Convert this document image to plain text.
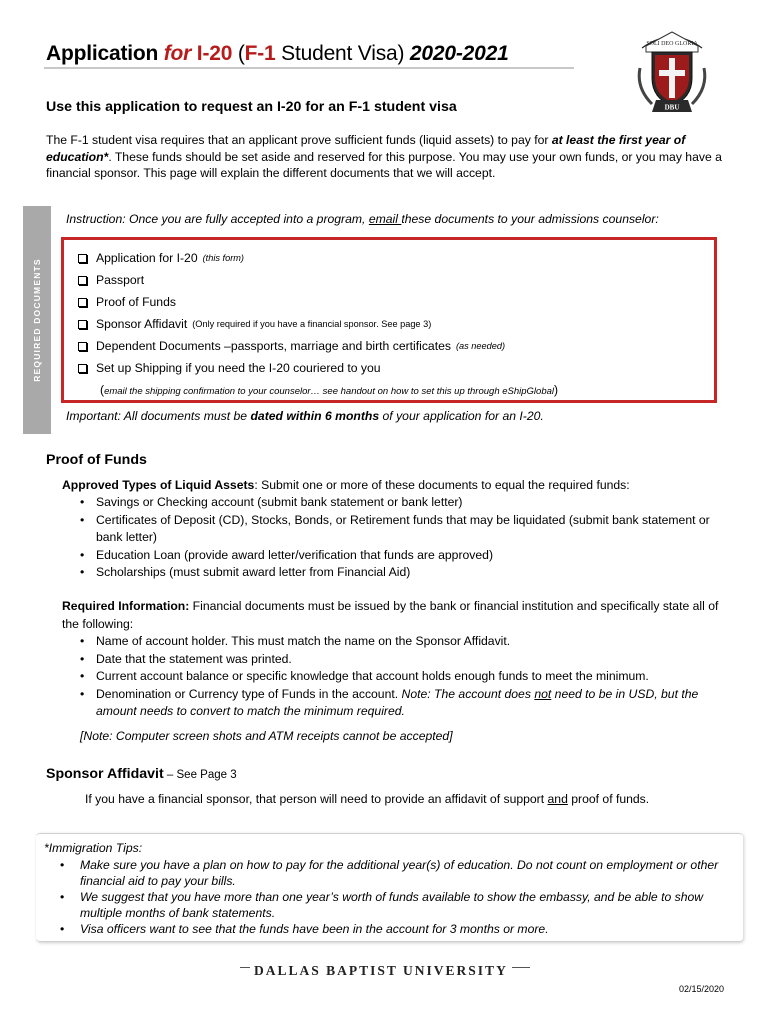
Application for I-20 (F-1 Student Visa) 2020-2021	SOLI DEO GLORIA
DBU
Use this application to request an I-20 for an F-1 student visa
The F-1 student visa requires that an applicant prove sufficient funds (liquid assets) to pay for at least the first year of education*. These funds should be set aside and reserved for this purpose. You may use your own funds, or you may have a financial sponsor. This page will explain the different documents that we will accept.
REQUIRED DOCUMENTS
Instruction: Once you are fully accepted into a program, email these documents to your admissions counselor:
Application for I-20 (this form)
Passport
Proof of Funds
Sponsor Affidavit (Only required if you have a financial sponsor. See page 3)
Dependent Documents –passports, marriage and birth certificates (as needed)
Set up Shipping if you need the I-20 couriered to you
(email the shipping confirmation to your counselor… see handout on how to set this up through eShipGlobal)
Important: All documents must be dated within 6 months of your application for an I-20.
Proof of Funds
Approved Types of Liquid Assets: Submit one or more of these documents to equal the required funds:
• Savings or Checking account (submit bank statement or bank letter)
• Certificates of Deposit (CD), Stocks, Bonds, or Retirement funds that may be liquidated (submit bank statement or bank letter)
• Education Loan (provide award letter/verification that funds are approved)
• Scholarships (must submit award letter from Financial Aid)
Required Information: Financial documents must be issued by the bank or financial institution and specifically state all of the following:
• Name of account holder. This must match the name on the Sponsor Affidavit.
• Date that the statement was printed.
• Current account balance or specific knowledge that account holds enough funds to meet the minimum.
• Denomination or Currency type of Funds in the account. Note: The account does not need to be in USD, but the amount needs to convert to match the minimum required.
[Note: Computer screen shots and ATM receipts cannot be accepted]
Sponsor Affidavit – See Page 3
If you have a financial sponsor, that person will need to provide an affidavit of support and proof of funds.
*Immigration Tips:
• Make sure you have a plan on how to pay for the additional year(s) of education. Do not count on employment or other financial aid to pay your bills.
• We suggest that you have more than one year’s worth of funds available to show the embassy, and be able to show multiple months of bank statements.
• Visa officers want to see that the funds have been in the account for 3 months or more.
DALLAS BAPTIST UNIVERSITY
02/15/2020
